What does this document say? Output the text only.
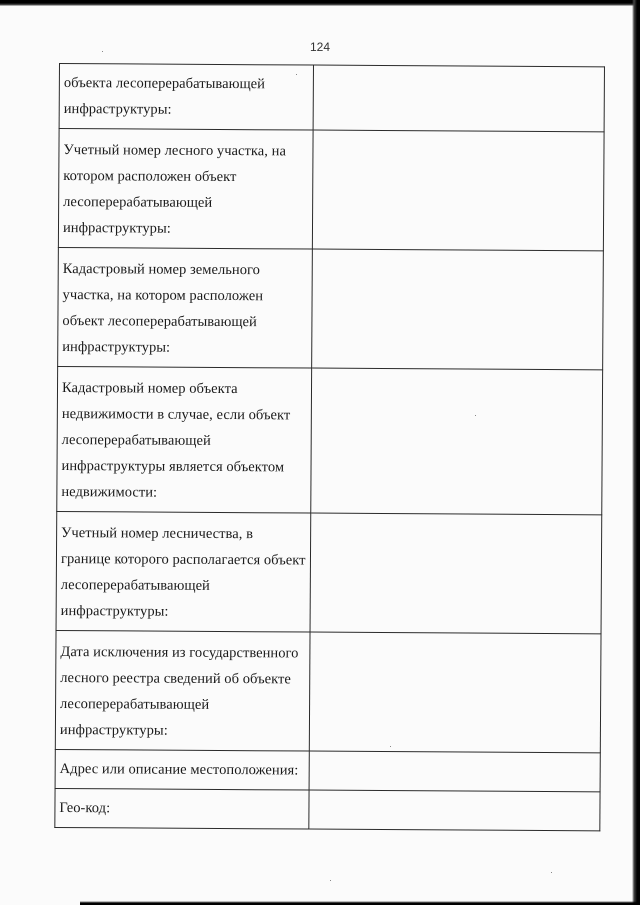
124
объекта лесоперерабатывающей инфраструктуры:	

Учетный номер лесного участка, на котором расположен объект лесоперерабатывающей инфраструктуры:	

Кадастровый номер земельного участка, на котором расположен объект лесоперерабатывающей инфраструктуры:	

Кадастровый номер объекта недвижимости в случае, если объект лесоперерабатывающей инфраструктуры является объектом недвижимости:	

Учетный номер лесничества, в границе которого располагается объект лесоперерабатывающей инфраструктуры:	

Дата исключения из государственного лесного реестра сведений об объекте лесоперерабатывающей инфраструктуры:	

Адрес или описание местоположения:	

Гео-код:	
